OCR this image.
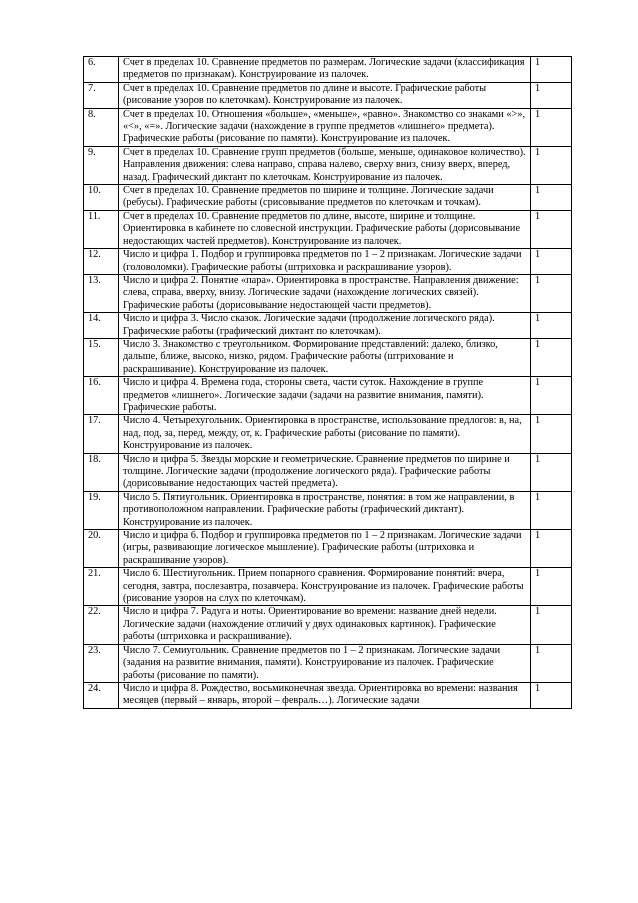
6.	Счет в пределах 10. Сравнение предметов по размерам. Логические задачи (классификация предметов по признакам). Конструирование из палочек.	1
7.	Счет в пределах 10. Сравнение предметов по длине и высоте. Графические работы (рисование узоров по клеточкам). Конструирование из палочек.	1
8.	Счет в пределах 10. Отношения «больше», «меньше», «равно». Знакомство со знаками «>», «<», «=». Логические задачи (нахождение в группе предметов «лишнего» предмета). Графические работы (рисование по памяти). Конструирование из палочек.	1
9.	Счет в пределах 10. Сравнение групп предметов (больше, меньше, одинаковое количество). Направления движения: слева направо, справа налево, сверху вниз, снизу вверх, вперед, назад. Графический диктант по клеточкам. Конструирование из палочек.	1
10.	Счет в пределах 10. Сравнение предметов по ширине и толщине. Логические задачи (ребусы). Графические работы (срисовывание предметов по клеточкам и точкам).	1
11.	Счет в пределах 10. Сравнение предметов по длине, высоте, ширине и толщине. Ориентировка в кабинете по словесной инструкции. Графические работы (дорисовывание недостающих частей предметов). Конструирование из палочек.	1
12.	Число и цифра 1. Подбор и группировка предметов по 1 – 2 признакам. Логические задачи (головоломки). Графические работы (штриховка и раскрашивание узоров).	1
13.	Число и цифра 2. Понятие «пара». Ориентировка в пространстве. Направления движение: слева, справа, вверху, внизу. Логические задачи (нахождение логических связей). Графические работы (дорисовывание недостающей части предметов).	1
14.	Число и цифра 3. Число сказок. Логические задачи (продолжение логического ряда). Графические работы (графический диктант по клеточкам).	1
15.	Число 3. Знакомство с треугольником. Формирование представлений: далеко, близко, дальше, ближе, высоко, низко, рядом. Графические работы (штрихование и раскрашивание). Конструирование из палочек.	1
16.	Число и цифра 4. Времена года, стороны света, части суток. Нахождение в группе предметов «лишнего». Логические задачи (задачи на развитие внимания, памяти). Графические работы.	1
17.	Число 4. Четырехугольник. Ориентировка в пространстве, использование предлогов: в, на, над, под, за, перед, между, от, к. Графические работы (рисование по памяти). Конструирование из палочек.	1
18.	Число и цифра 5. Звезды морские и геометрические. Сравнение предметов по ширине и толщине. Логические задачи (продолжение логического ряда). Графические работы (дорисовывание недостающих частей предмета).	1
19.	Число 5. Пятиугольник. Ориентировка в пространстве, понятия: в том же направлении, в противоположном направлении. Графические работы (графический диктант). Конструирование из палочек.	1
20.	Число и цифра 6. Подбор и группировка предметов по 1 – 2 признакам. Логические задачи (игры, развивающие логическое мышление). Графические работы (штриховка и раскрашивание узоров).	1
21.	Число 6. Шестиугольник. Прием попарного сравнения. Формирование понятий: вчера, сегодня, завтра, послезавтра, позавчера. Конструирование из палочек. Графические работы (рисование узоров на слух по клеточкам).	1
22.	Число и цифра 7. Радуга и ноты. Ориентирование во времени: название дней недели. Логические задачи (нахождение отличий у двух одинаковых картинок). Графические работы (штриховка и раскрашивание).	1
23.	Число 7. Семиугольник. Сравнение предметов по 1 – 2 признакам. Логические задачи (задания на развитие внимания, памяти). Конструирование из палочек. Графические работы (рисование по памяти).	1
24.	Число и цифра 8. Рождество, восьмиконечная звезда. Ориентировка во времени: названия месяцев (первый – январь, второй – февраль…). Логические задачи	1
